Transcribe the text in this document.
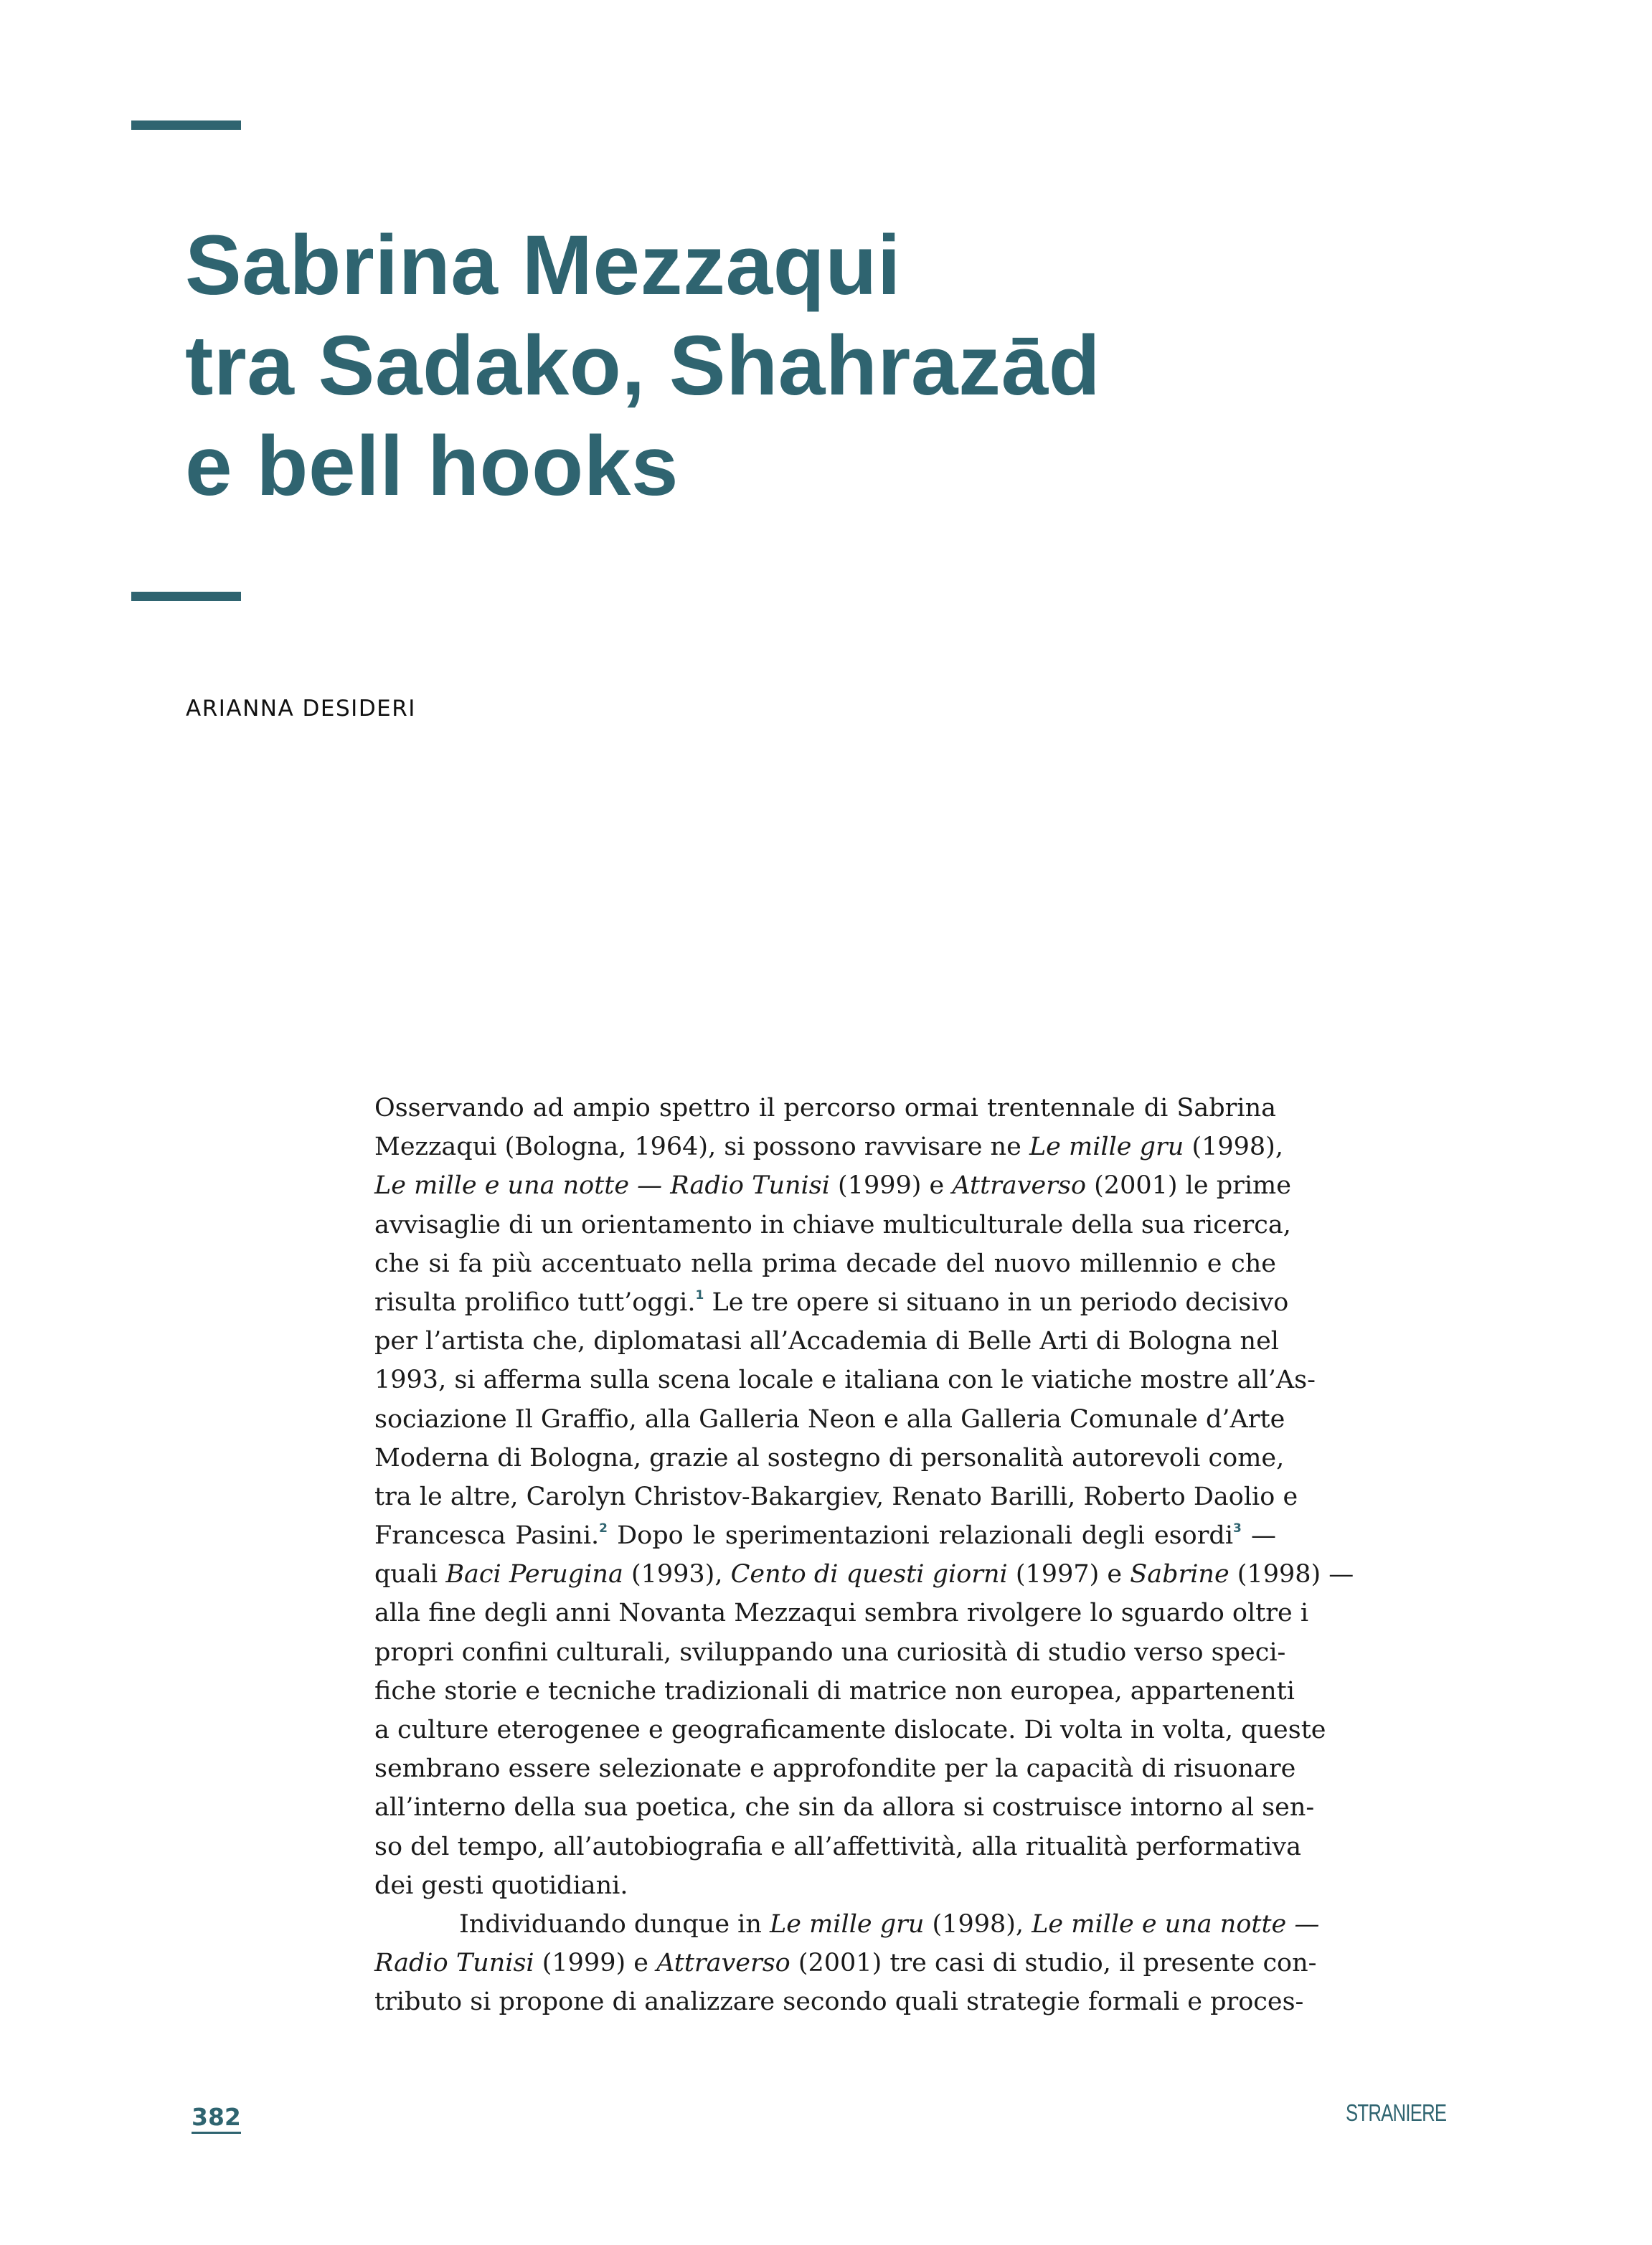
Sabrina Mezzaqui
tra Sadako, Shahrazād
e bell hooks

ARIANNA DESIDERI

Osservando ad ampio spettro il percorso ormai trentennale di Sabrina
Mezzaqui (Bologna, 1964), si possono ravvisare ne Le mille gru (1998),
Le mille e una notte — Radio Tunisi (1999) e Attraverso (2001) le prime
avvisaglie di un orientamento in chiave multiculturale della sua ricerca,
che si fa più accentuato nella prima decade del nuovo millennio e che
risulta prolifico tutt’oggi.$^1$ Le tre opere si situano in un periodo decisivo
per l’artista che, diplomatasi all’Accademia di Belle Arti di Bologna nel
1993, si afferma sulla scena locale e italiana con le viatiche mostre all’As-
sociazione Il Graffio, alla Galleria Neon e alla Galleria Comunale d’Arte
Moderna di Bologna, grazie al sostegno di personalità autorevoli come,
tra le altre, Carolyn Christov-Bakargiev, Renato Barilli, Roberto Daolio e
Francesca Pasini.$^2$ Dopo le sperimentazioni relazionali degli esordi$^3$ —
quali Baci Perugina (1993), Cento di questi giorni (1997) e Sabrine (1998) —
alla fine degli anni Novanta Mezzaqui sembra rivolgere lo sguardo oltre i
propri confini culturali, sviluppando una curiosità di studio verso speci-
fiche storie e tecniche tradizionali di matrice non europea, appartenenti
a culture eterogenee e geograficamente dislocate. Di volta in volta, queste
sembrano essere selezionate e approfondite per la capacità di risuonare
all’interno della sua poetica, che sin da allora si costruisce intorno al sen-
so del tempo, all’autobiografia e all’affettività, alla ritualità performativa
dei gesti quotidiani.
Individuando dunque in Le mille gru (1998), Le mille e una notte —
Radio Tunisi (1999) e Attraverso (2001) tre casi di studio, il presente con-
tributo si propone di analizzare secondo quali strategie formali e proces-
382	STRANIERE
